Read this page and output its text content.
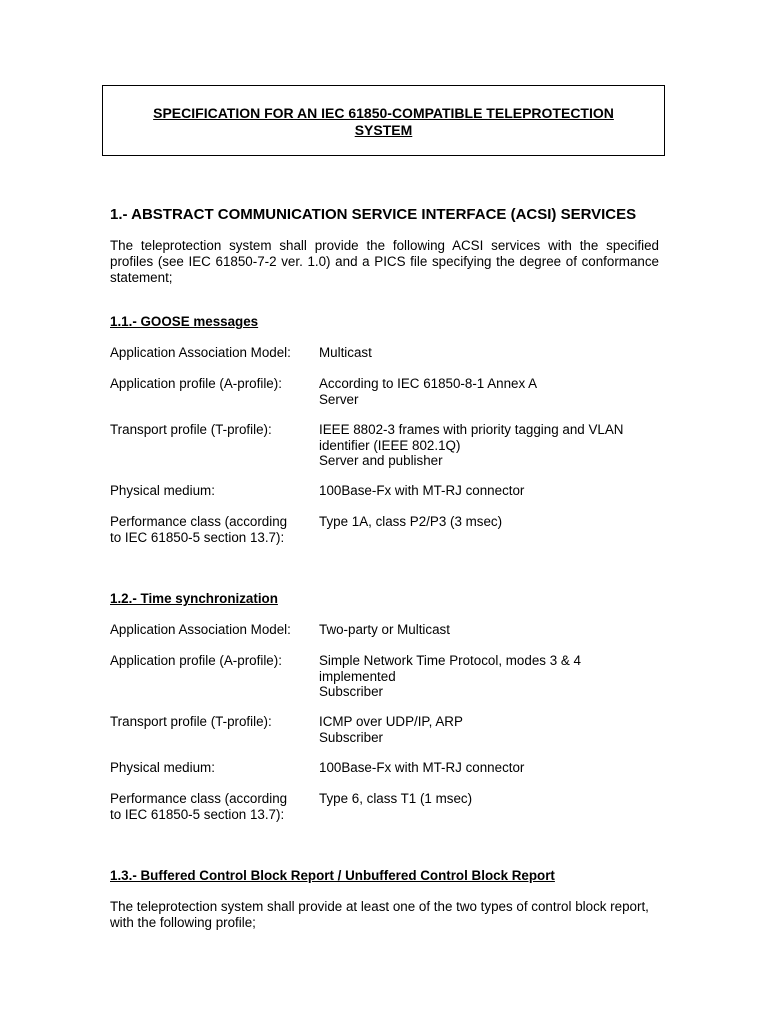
SPECIFICATION FOR AN IEC 61850-COMPATIBLE TELEPROTECTION
SYSTEM
1.- ABSTRACT COMMUNICATION SERVICE INTERFACE (ACSI) SERVICES
The teleprotection system shall provide the following ACSI services with the specified profiles (see IEC 61850-7-2 ver. 1.0) and a PICS file specifying the degree of conformance statement;
1.1.- GOOSE messages
Application Association Model:	Multicast
Application profile (A-profile):	According to IEC 61850-8-1 Annex A
Server
Transport profile (T-profile):	IEEE 8802-3 frames with priority tagging and VLAN
identifier (IEEE 802.1Q)
Server and publisher
Physical medium:	100Base-Fx with MT-RJ connector
Performance class (according
to IEC 61850-5 section 13.7):
Type 1A, class P2/P3 (3 msec)
1.2.- Time synchronization
Application Association Model:	Two-party or Multicast
Application profile (A-profile):	Simple Network Time Protocol, modes 3 & 4
implemented
Subscriber
Transport profile (T-profile):	ICMP over UDP/IP, ARP
Subscriber
Physical medium:	100Base-Fx with MT-RJ connector
Performance class (according
to IEC 61850-5 section 13.7):
Type 6, class T1 (1 msec)
1.3.- Buffered Control Block Report / Unbuffered Control Block Report
The teleprotection system shall provide at least one of the two types of control block report, with the following profile;
